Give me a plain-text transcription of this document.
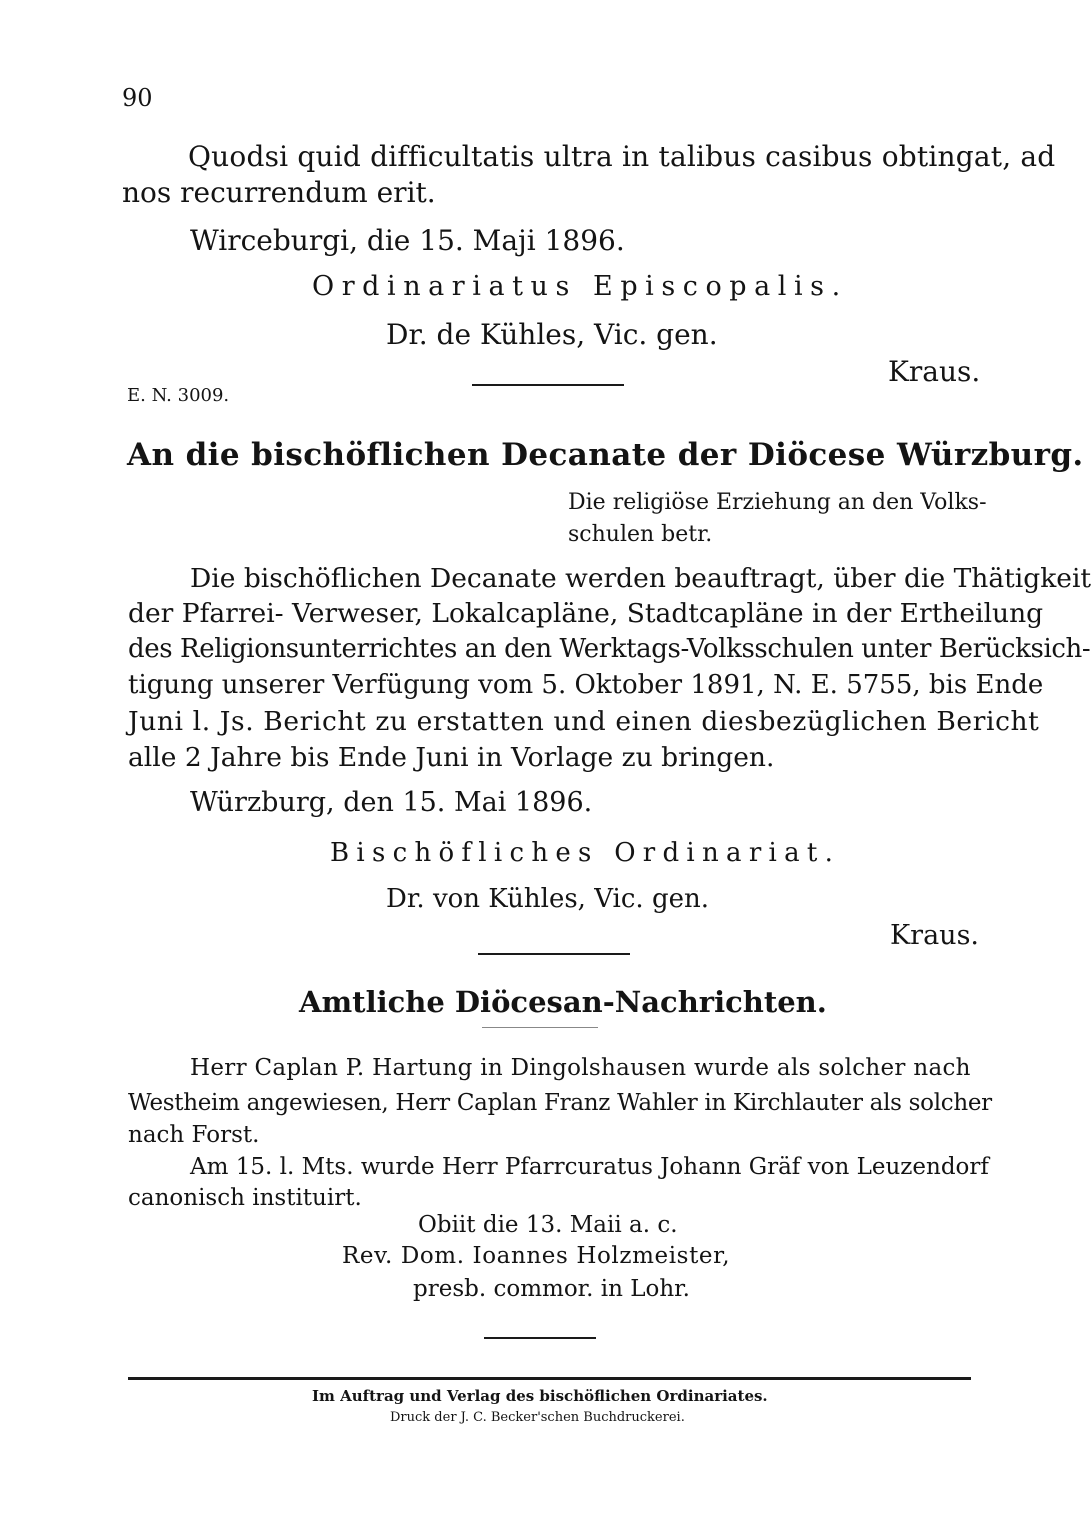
90
Quodsi quid difficultatis ultra in talibus casibus obtingat, ad
nos recurrendum erit.
Wirceburgi, die 15. Maji 1896.
Ordinariatus Episcopalis.
Dr. de Kühles, Vic. gen.
Kraus.
E. N. 3009.
An die bischöflichen Decanate der Diöcese Würzburg.
Die religiöse Erziehung an den Volks-
schulen betr.
Die bischöflichen Decanate werden beauftragt, über die Thätigkeit
der Pfarrei- Verweser, Lokalcapläne, Stadtcapläne in der Ertheilung
des Religionsunterrichtes an den Werktags-Volksschulen unter Berücksich-
tigung unserer Verfügung vom 5. Oktober 1891, N. E. 5755, bis Ende
Juni l. Js. Bericht zu erstatten und einen diesbezüglichen Bericht
alle 2 Jahre bis Ende Juni in Vorlage zu bringen.
Würzburg, den 15. Mai 1896.
Bischöfliches Ordinariat.
Dr. von Kühles, Vic. gen.
Kraus.
Amtliche Diöcesan-Nachrichten.
Herr Caplan P. Hartung in Dingolshausen wurde als solcher nach
Westheim angewiesen, Herr Caplan Franz Wahler in Kirchlauter als solcher
nach Forst.
Am 15. l. Mts. wurde Herr Pfarrcuratus Johann Gräf von Leuzendorf
canonisch instituirt.
Obiit die 13. Maii a. c.
Rev. Dom. Ioannes Holzmeister,
presb. commor. in Lohr.
Im Auftrag und Verlag des bischöflichen Ordinariates.
Druck der J. C. Becker'schen Buchdruckerei.
